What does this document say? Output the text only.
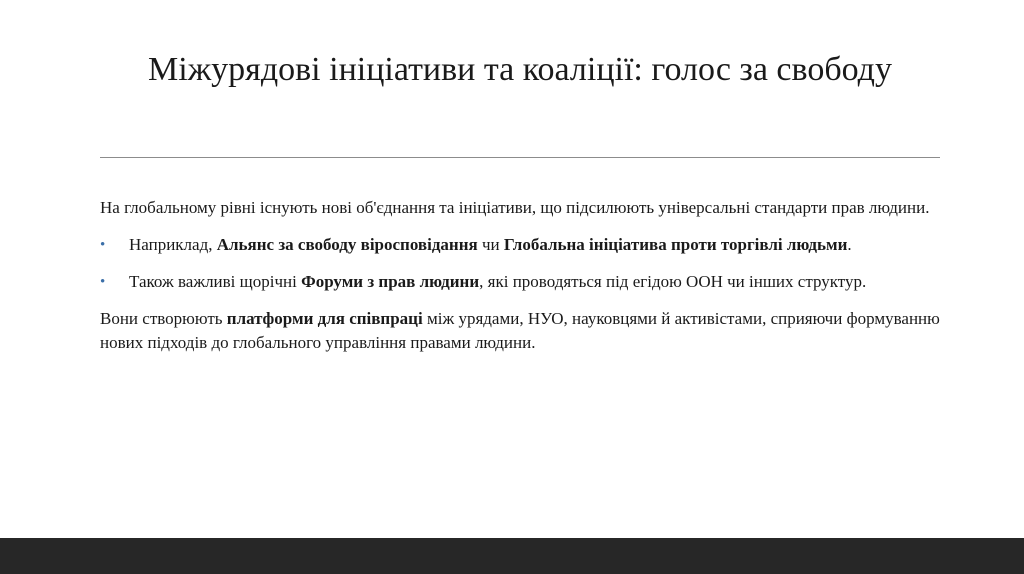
Міжурядові ініціативи та коаліції: голос за свободу

На глобальному рівні існують нові об'єднання та ініціативи, що підсилюють універсальні стандарти прав людини.

• Наприклад, Альянс за свободу віросповідання чи Глобальна ініціатива проти торгівлі людьми.
• Також важливі щорічні Форуми з прав людини, які проводяться під егідою ООН чи інших структур.

Вони створюють платформи для співпраці між урядами, НУО, науковцями й активістами, сприяючи формуванню нових підходів до глобального управління правами людини.
